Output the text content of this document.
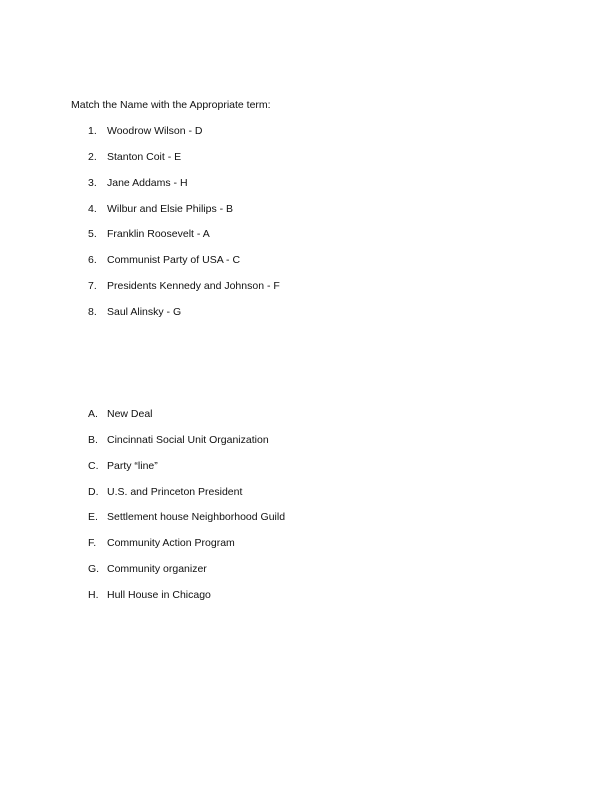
Match the Name with the Appropriate term:
1. Woodrow Wilson - D
2. Stanton Coit - E
3. Jane Addams - H
4. Wilbur and Elsie Philips - B
5. Franklin Roosevelt - A
6. Communist Party of USA - C
7. Presidents Kennedy and Johnson - F
8. Saul Alinsky - G
A. New Deal
B. Cincinnati Social Unit Organization
C. Party “line”
D. U.S. and Princeton President
E. Settlement house Neighborhood Guild
F.	Community Action Program
G. Community organizer
H. Hull House in Chicago
